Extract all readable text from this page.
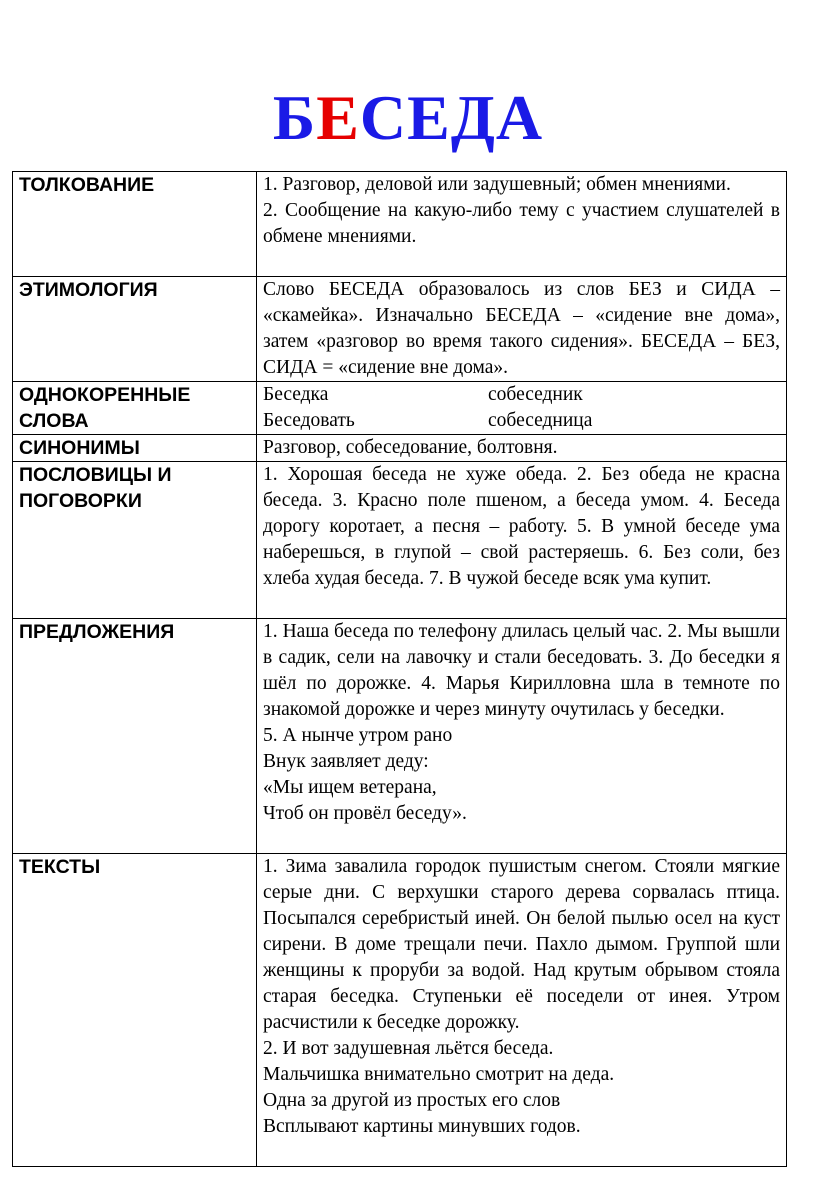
БЕСЕДА
ТОЛКОВАНИЕ	1. Разговор, деловой или задушевный; обмен мнениями.
2. Сообщение на какую-либо тему с участием слушателей в обмене мнениями.

ЭТИМОЛОГИЯ	Слово БЕСЕДА образовалось из слов БЕЗ и СИДА – «скамейка». Изначально БЕСЕДА – «сидение вне дома», затем «разговор во время такого сидения». БЕСЕДА – БЕЗ, СИДА = «сидение вне дома».

ОДНОКОРЕННЫЕ СЛОВА	Беседка собеседник
Беседовать собеседница

СИНОНИМЫ	Разговор, собеседование, болтовня.

ПОСЛОВИЦЫ И ПОГОВОРКИ	1. Хорошая беседа не хуже обеда. 2. Без обеда не красна беседа. 3. Красно поле пшеном, а беседа умом. 4. Беседа дорогу коротает, а песня – работу. 5. В умной беседе ума наберешься, в глупой – свой растеряешь. 6. Без соли, без хлеба худая беседа. 7. В чужой беседе всяк ума купит.

ПРЕДЛОЖЕНИЯ	1. Наша беседа по телефону длилась целый час. 2. Мы вышли в садик, сели на лавочку и стали беседовать. 3. До беседки я шёл по дорожке. 4. Марья Кирилловна шла в темноте по знакомой дорожке и через минуту очутилась у беседки.
5. А нынче утром рано
Внук заявляет деду:
«Мы ищем ветерана,
Чтоб он провёл беседу».

ТЕКСТЫ	1. Зима завалила городок пушистым снегом. Стояли мягкие серые дни. С верхушки старого дерева сорвалась птица. Посыпался серебристый иней. Он белой пылью осел на куст сирени. В доме трещали печи. Пахло дымом. Группой шли женщины к проруби за водой. Над крутым обрывом стояла старая беседка. Ступеньки её поседели от инея. Утром расчистили к беседке дорожку.
2. И вот задушевная льётся беседа.
Мальчишка внимательно смотрит на деда.
Одна за другой из простых его слов
Всплывают картины минувших годов.
